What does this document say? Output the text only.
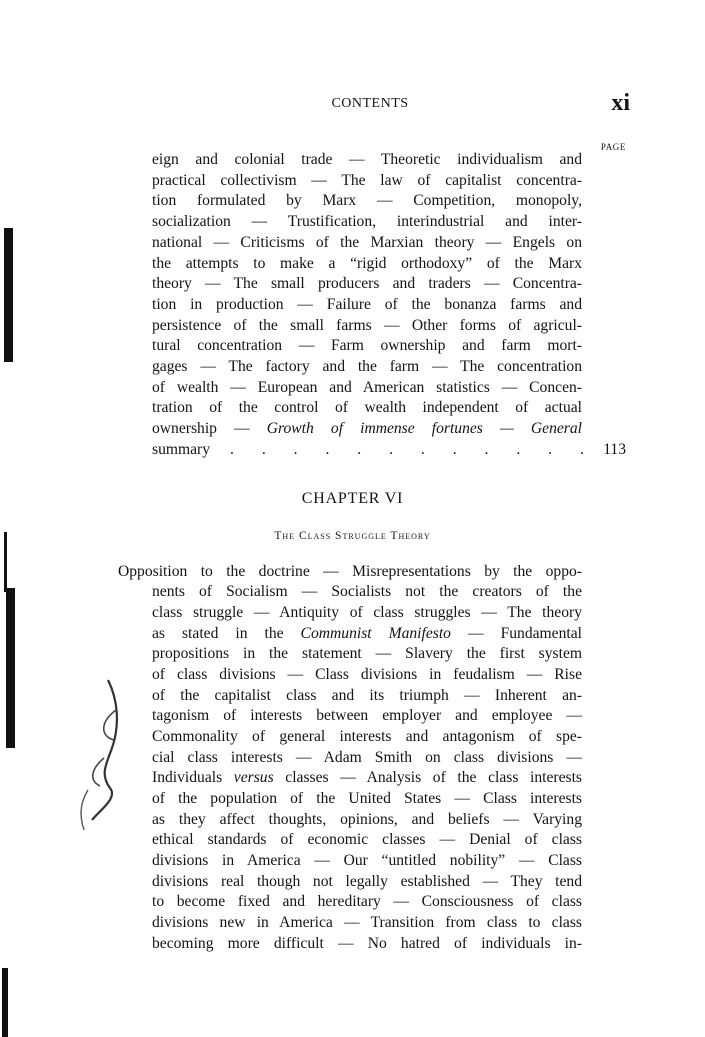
CONTENTS	xi
PAGE
eign and colonial trade — Theoretic individualism and
practical collectivism — The law of capitalist concentra-
tion formulated by Marx — Competition, monopoly,
socialization — Trustification, interindustrial and inter-
national — Criticisms of the Marxian theory — Engels on
the attempts to make a “rigid orthodoxy” of the Marx
theory — The small producers and traders — Concentra-
tion in production — Failure of the bonanza farms and
persistence of the small farms — Other forms of agricul-
tural concentration — Farm ownership and farm mort-
gages — The factory and the farm — The concentration
of wealth — European and American statistics — Concen-
tration of the control of wealth independent of actual
ownership — Growth of immense fortunes — General
summary . . . . . . . . . . . . 113
CHAPTER VI
The Class Struggle Theory
Opposition to the doctrine — Misrepresentations by the oppo-
nents of Socialism — Socialists not the creators of the
class struggle — Antiquity of class struggles — The theory
as stated in the Communist Manifesto — Fundamental
propositions in the statement — Slavery the first system
of class divisions — Class divisions in feudalism — Rise
of the capitalist class and its triumph — Inherent an-
tagonism of interests between employer and employee —
Commonality of general interests and antagonism of spe-
cial class interests — Adam Smith on class divisions —
Individuals versus classes — Analysis of the class interests
of the population of the United States — Class interests
as they affect thoughts, opinions, and beliefs — Varying
ethical standards of economic classes — Denial of class
divisions in America — Our “untitled nobility” — Class
divisions real though not legally established — They tend
to become fixed and hereditary — Consciousness of class
divisions new in America — Transition from class to class
becoming more difficult — No hatred of individuals in-
